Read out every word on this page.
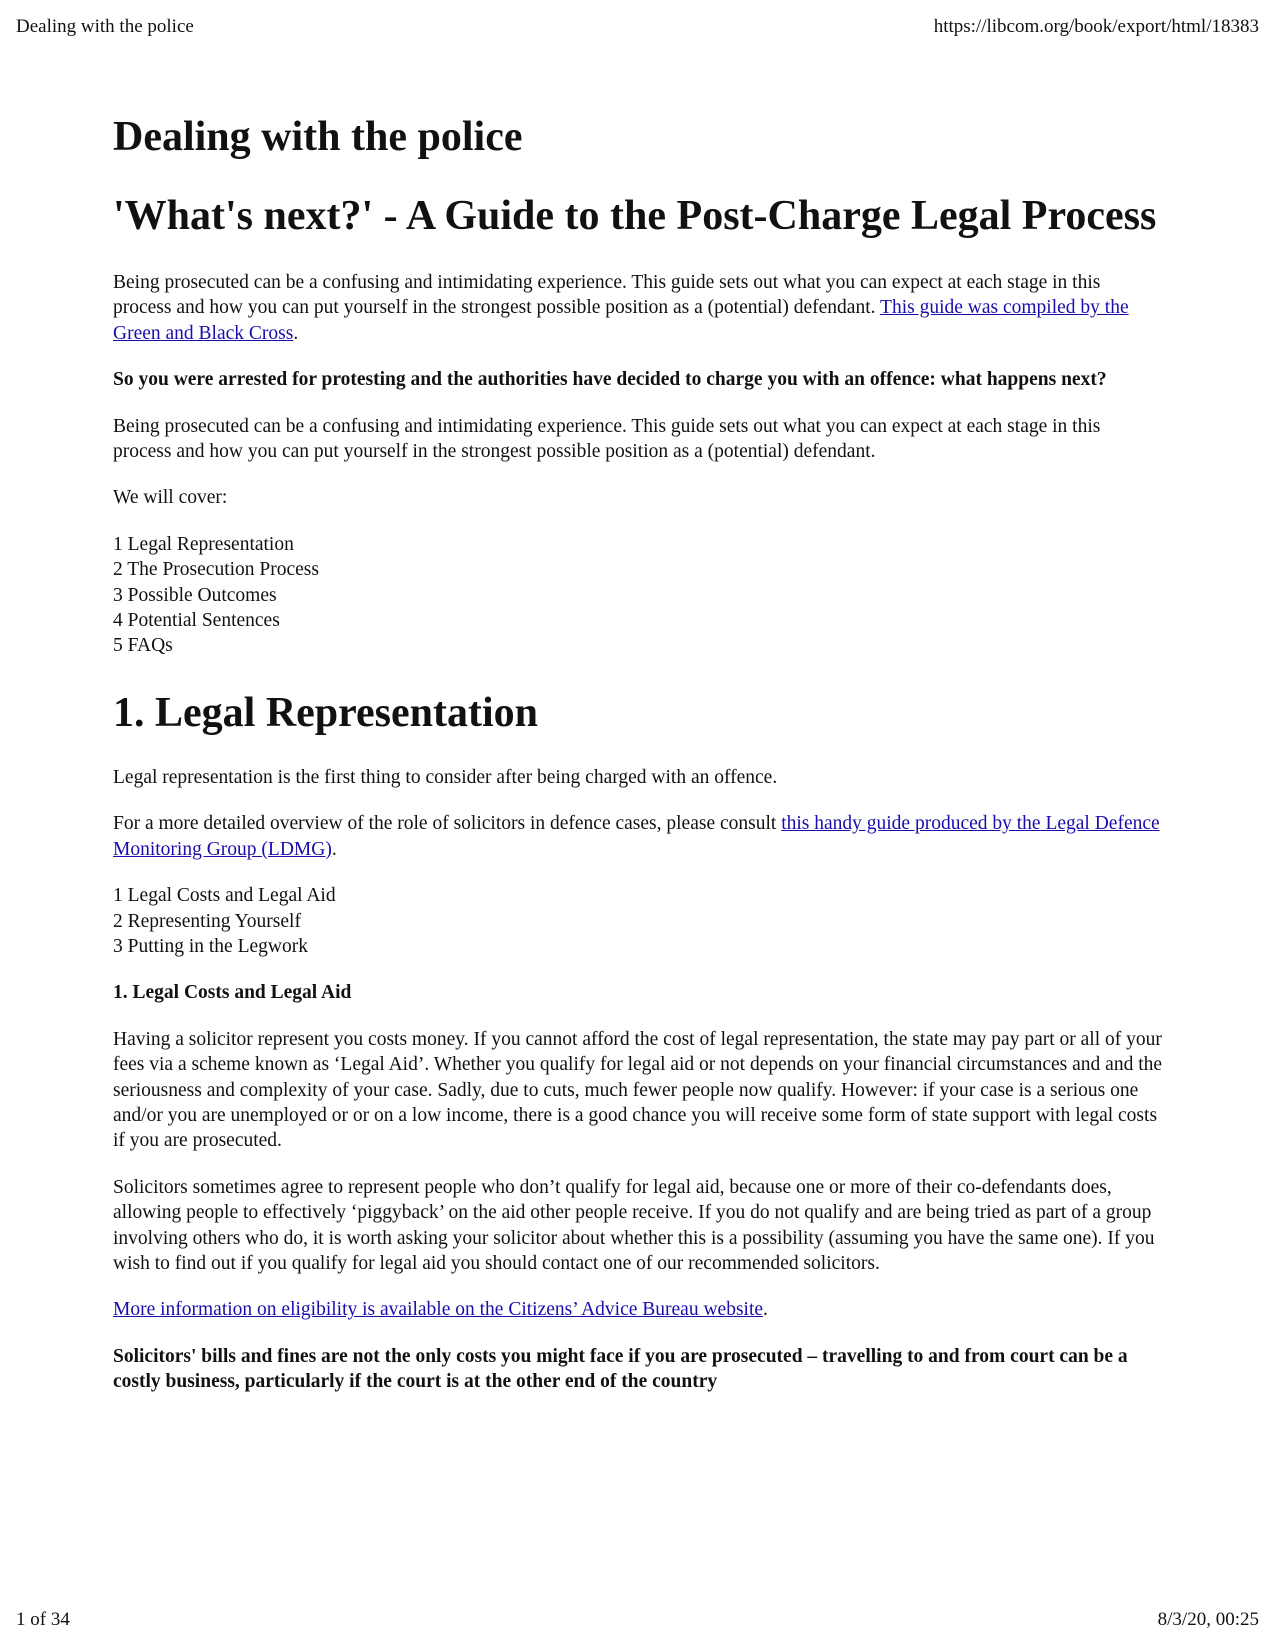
Dealing with the police	https://libcom.org/book/export/html/18383
Dealing with the police
'What's next?' - A Guide to the Post-Charge Legal Process

Being prosecuted can be a confusing and intimidating experience. This guide sets out what you can expect at each stage in this process and how you can put yourself in the strongest possible position as a (potential) defendant. This guide was compiled by the Green and Black Cross.

So you were arrested for protesting and the authorities have decided to charge you with an offence: what happens next?

Being prosecuted can be a confusing and intimidating experience. This guide sets out what you can expect at each stage in this process and how you can put yourself in the strongest possible position as a (potential) defendant.

We will cover:

1 Legal Representation
2 The Prosecution Process
3 Possible Outcomes
4 Potential Sentences
5 FAQs
1. Legal Representation

Legal representation is the first thing to consider after being charged with an offence.

For a more detailed overview of the role of solicitors in defence cases, please consult this handy guide produced by the Legal Defence Monitoring Group (LDMG).

1 Legal Costs and Legal Aid
2 Representing Yourself
3 Putting in the Legwork
1. Legal Costs and Legal Aid

Having a solicitor represent you costs money. If you cannot afford the cost of legal representation, the state may pay part or all of your fees via a scheme known as ‘Legal Aid’. Whether you qualify for legal aid or not depends on your financial circumstances and and the seriousness and complexity of your case. Sadly, due to cuts, much fewer people now qualify. However: if your case is a serious one and/or you are unemployed or or on a low income, there is a good chance you will receive some form of state support with legal costs if you are prosecuted.

Solicitors sometimes agree to represent people who don’t qualify for legal aid, because one or more of their co-defendants does, allowing people to effectively ‘piggyback’ on the aid other people receive. If you do not qualify and are being tried as part of a group involving others who do, it is worth asking your solicitor about whether this is a possibility (assuming you have the same one). If you wish to find out if you qualify for legal aid you should contact one of our recommended solicitors.

More information on eligibility is available on the Citizens’ Advice Bureau website.

Solicitors' bills and fines are not the only costs you might face if you are prosecuted – travelling to and from court can be a costly business, particularly if the court is at the other end of the country

1 of 34	8/3/20, 00:25
